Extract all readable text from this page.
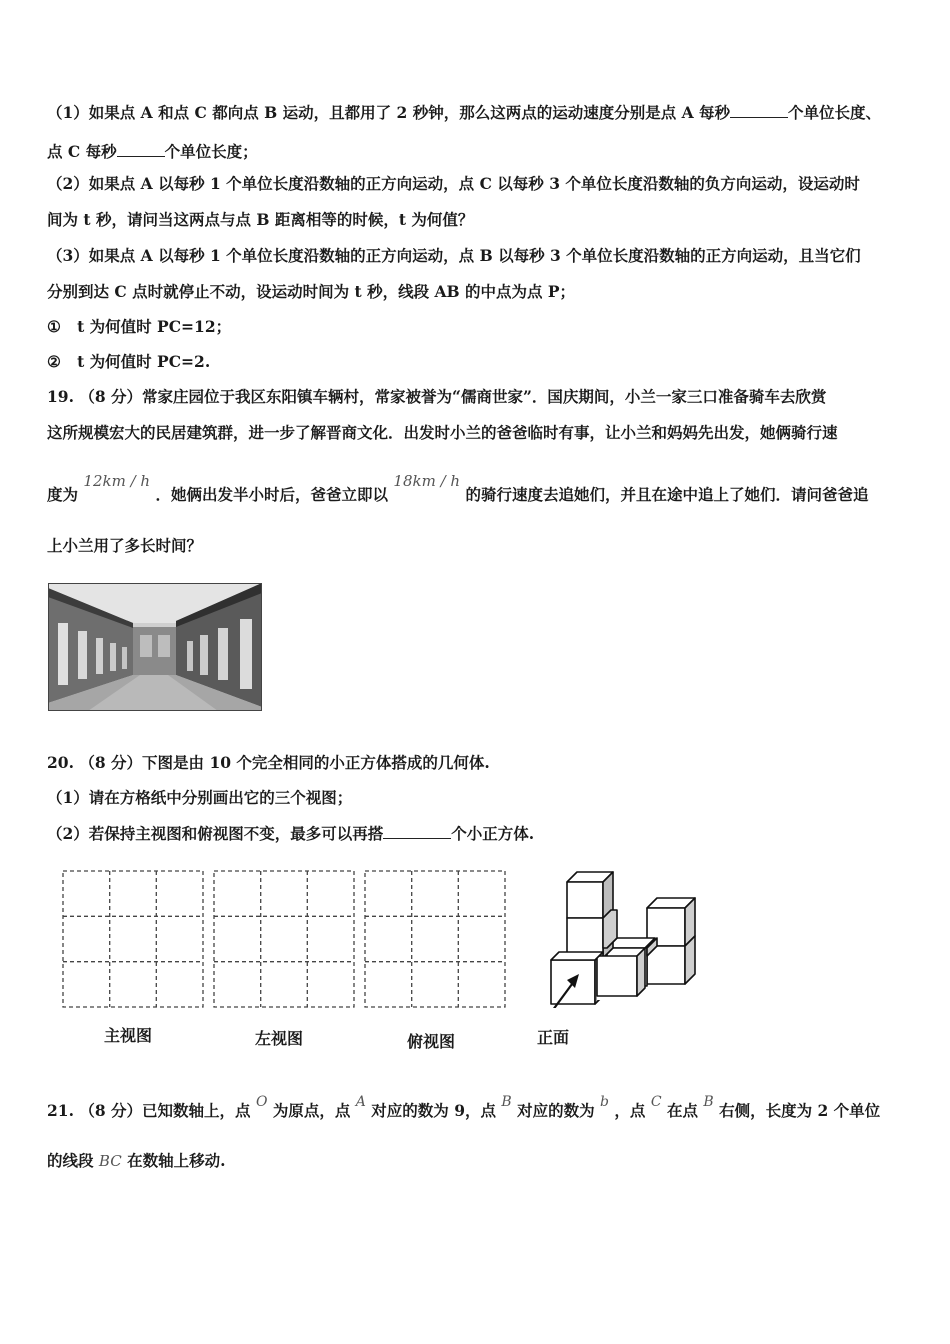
（1）如果点 A 和点 C 都向点 B 运动，且都用了 2 秒钟，那么这两点的运动速度分别是点 A 每秒	个单位长度、
点 C 每秒	个单位长度；
（2）如果点 A 以每秒 1 个单位长度沿数轴的正方向运动，点 C 以每秒 3 个单位长度沿数轴的负方向运动，设运动时
间为 t 秒，请问当这两点与点 B 距离相等的时候，t 为何值？
（3）如果点 A 以每秒 1 个单位长度沿数轴的正方向运动，点 B 以每秒 3 个单位长度沿数轴的正方向运动，且当它们
分别到达 C 点时就停止不动，设运动时间为 t 秒，线段 AB 的中点为点 P；
① t 为何值时 PC=12；
② t 为何值时 PC=2.
19. （8 分）常家庄园位于我区东阳镇车辆村，常家被誉为“儒商世家”．国庆期间，小兰一家三口准备骑车去欣赏
这所规模宏大的民居建筑群，进一步了解晋商文化．出发时小兰的爸爸临时有事，让小兰和妈妈先出发，她俩骑行速
度为 12km / h ．她俩出发半小时后，爸爸立即以 18km / h 的骑行速度去追她们，并且在途中追上了她们．请问爸爸追
上小兰用了多长时间？
20. （8 分）下图是由 10 个完全相同的小正方体搭成的几何体.
（1）请在方格纸中分别画出它的三个视图；
（2）若保持主视图和俯视图不变，最多可以再搭	个小正方体.
主视图	左视图	俯视图	正面
21. （8 分）已知数轴上，点 O 为原点，点 A 对应的数为 9，点 B 对应的数为 b ，点 C 在点 B 右侧，长度为 2 个单位
的线段 BC 在数轴上移动.
